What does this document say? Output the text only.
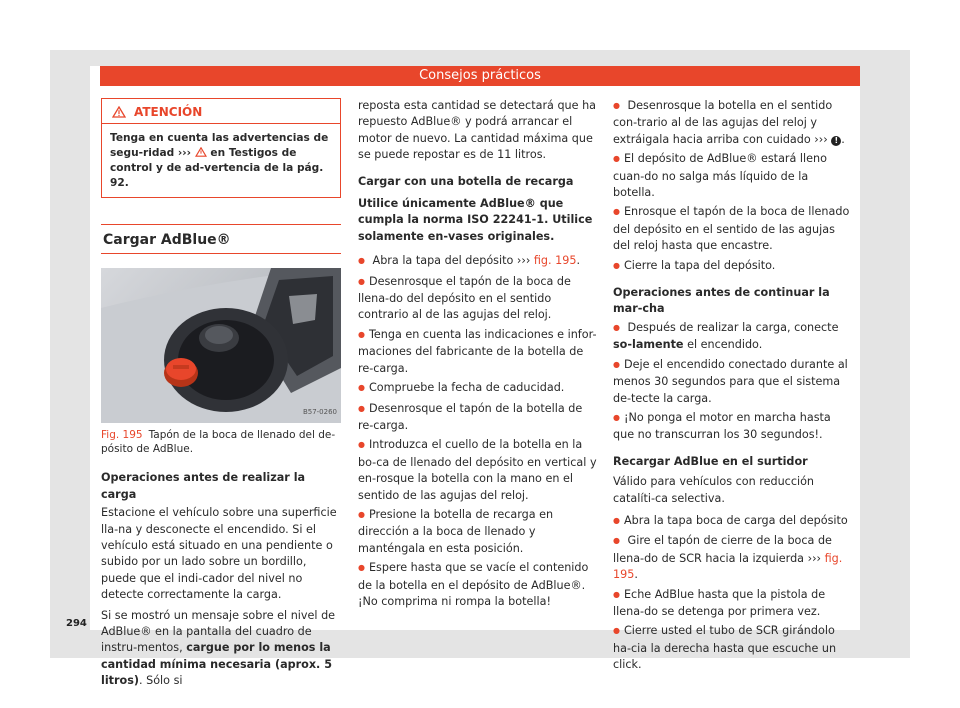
Consejos prácticos
ATENCIÓN
Tenga en cuenta las advertencias de segu-ridad ››› en Testigos de control y de ad-vertencia de la pág. 92.
Cargar AdBlue®
B57-0260
Fig. 195 Tapón de la boca de llenado del de-pósito de AdBlue.
Operaciones antes de realizar la carga

Estacione el vehículo sobre una superficie lla-na y desconecte el encendido. Si el vehículo está situado en una pendiente o subido por un lado sobre un bordillo, puede que el indi-cador del nivel no detecte correctamente la carga.

Si se mostró un mensaje sobre el nivel de AdBlue® en la pantalla del cuadro de instru-mentos, cargue por lo menos la cantidad mínima necesaria (aprox. 5 litros). Sólo si

reposta esta cantidad se detectará que ha repuesto AdBlue® y podrá arrancar el motor de nuevo. La cantidad máxima que se puede repostar es de 11 litros.

Cargar con una botella de recarga
Utilice únicamente AdBlue® que cumpla la norma ISO 22241-1. Utilice solamente en-vases originales.
● Abra la tapa del depósito ››› fig. 195.
● Desenrosque el tapón de la boca de llena-do del depósito en el sentido contrario al de las agujas del reloj.
● Tenga en cuenta las indicaciones e infor-maciones del fabricante de la botella de re-carga.
● Compruebe la fecha de caducidad.
● Desenrosque el tapón de la botella de re-carga.
● Introduzca el cuello de la botella en la bo-ca de llenado del depósito en vertical y en-rosque la botella con la mano en el sentido de las agujas del reloj.
● Presione la botella de recarga en dirección a la boca de llenado y manténgala en esta posición.
● Espere hasta que se vacíe el contenido de la botella en el depósito de AdBlue®. ¡No comprima ni rompa la botella!
● Desenrosque la botella en el sentido con-trario al de las agujas del reloj y extráigala hacia arriba con cuidado ››› ! .
● El depósito de AdBlue® estará lleno cuan-do no salga más líquido de la botella.
● Enrosque el tapón de la boca de llenado del depósito en el sentido de las agujas del reloj hasta que encastre.
● Cierre la tapa del depósito.
Operaciones antes de continuar la mar-cha
● Después de realizar la carga, conecte so-lamente el encendido.
● Deje el encendido conectado durante al menos 30 segundos para que el sistema de-tecte la carga.
● ¡No ponga el motor en marcha hasta que no transcurran los 30 segundos!.
Recargar AdBlue en el surtidor

Válido para vehículos con reducción catalíti-ca selectiva.

● Abra la tapa boca de carga del depósito
● Gire el tapón de cierre de la boca de llena-do de SCR hacia la izquierda ››› fig. 195.
● Eche AdBlue hasta que la pistola de llena-do se detenga por primera vez.
● Cierre usted el tubo de SCR girándolo ha-cia la derecha hasta que escuche un click.
294
